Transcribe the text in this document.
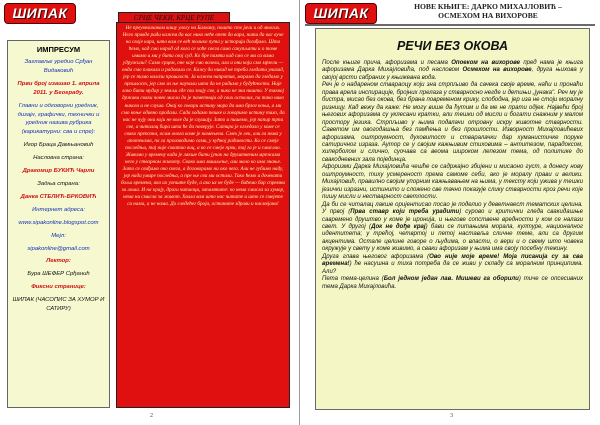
ШИПАК	СРЦЕ ЧЕКИ, КРЦЕ РУПЕ
ИМПРЕСУМ
Заглавље уредио Срђан Видаковић
Први број изашао 1. априла 2011. у Београду.
Главни и одговорни уредник, дизајн, графички, технички и уредник назива рубрика (карикатурни: сва и спре):
Игор Браца Дамњановић
Насловна страна:
Драгомир БУКИЋ Чарли
Задња страна:
Данка СТЕЛИЋ-БРКОВИЋ
Интернет адреса:
www.sipakonline.blogspot.com
Мејл:
sipakonline@gmail.com
Лектор:
Бура ШЕФЕР Срђанић
Фиксни странице:
ШИПАК (ЧАСОПИС ЗА ХУМОР И САТИРУ)
Не преувеличавам вашу улогу на Балкану, пошто сте јачи и од многих. Него правде ради кажем да вас нико неће опет да вара, нити да вас вуче на своје кара, што вам се већ толико пута у историји догађало. Шта ћемо, кад смо народ од кога се хоће свега само сакупљати и о томе имамо и ми у бити свој суд. Ко бре памти кад смо се ми са вама удружили? Само срцем, оне које смо волели, али и они који смо мрзели — онда смо плакали и радовали се. Кажу да никад не треба гледати уназад, јер се тамо налази прошлост. Ја кажем напротив, морамо да гледамо у прошлост, јер смо из ње научили шта да не радимо у будућности. Није лако бити мудар у земљи где сви знају све, а нико не зна ништа. У таквој држави сваки човек мисли да је паметнији од свих осталих, па тако нико никога и не слуша. Онај ко говори истину мора да има брзог коња, а ми смо коње одавно продали. Сада ходамо пешке и говоримо истину тихо, да нас не чују они који не воле да је слушају. Зато и пишемо, јер папир трпи све, а читалац бира шта ће да поверује. Сатира је огледало у коме се свако препозна, осим онога коме је намењена. Смех је лек, али га нема у апотекама, па га производимо сами, у кућној радиности. Ко се смеје последњи, тај није схватио виц, а ко се смеје први, тај га је и смислио. Живимо у времену када је лакше бити јунак на друштвеним мрежама него у стварном животу. Свако има мишљење, али мало ко има знање. Зато се свађамо око свега, а договорамо ни око чега. Али не губимо наду, јер нада умире последња, а пре ње сви ми остали. Тако ћемо и дочекати боља времена, ако их уопште буде, а ако их не буде — бићемо бар спремни за лоша. И на крају, драги читаоци, запамтите: ко нема смисла за хумор, нема ни смисла за живот. Хвала вам што нас читате и што се смејете са нама, а не нама. До следећег броја, останите здрави и насмејани!
2
ШИПАК	НОВЕ КЊИГЕ: ДАРКО МИХАЈЛОВИЋ – ОСМЕХОМ НА ВИХОРОВЕ
РЕЧИ БЕЗ ОКОВА

После књиге прича, афоризама и песама Опоеком на вихорове пред нама је књига афоризама Дарка Михајловића, под насловом Осмехом на вихорове, друга њихова у својој врсти сабраних у књижевна вода.

Реч је о надареном ствараоцу који зна стрпљиво да сачека своје време, наћи и пронаћи права врела инспирације, бројних прелаза у стварносно негде и детињи „јунака". Реч му је бистра, мисао без окова, без брана повременом крику, слободна, јер иза не стоји моралну ризницу. Кад вежу да каже: Не могу више да ћутим и да ме не прати одјек. Највећи број његових афоризама су уклесани кратки, али тешки од мисли и богати снажним у малом простору језика. Стрпљиво у њима подвлачи отровну искру животне стварности. Саветом им овогодашња без памћења и без прошлости. Изворност Михајловићевих афоризама, оштроумност, духовитост и стваралачки дар хуманистичке поруке сатиричног израза. Аутор се у својим кажњивим стиховима – антитезом, парадоксом, хиперболом и слично, суочава са веома широком лепезом тема, од политике до свакодневних зала појединца.

Афоризми Дарка Михајловића чешће се садржајно збијени и мисаоно густ, а донесу нову оштроумност, тиху усмереност према самоме себи, ако је моралу прави и велики. Михајловић, правилно својим упорним кажњавањем на њима, у тексту који ужива у тешки језички изразни, истинито и сложено све тачно показује слику стварности кроз речи које пишу мисли и нестварност светлости.

Да би се читалац лакше оријентисао посао је поделио у деветнаест тематских целина. У првој (Прва ставр који треба урадити) сурово и критички гледа свакидашње савремено друштво у коме је иронија, и његове сопствене вредности у ком се налази свет. У другој (Док не дође крај) бави се питањима морала, културе, националног идентитета; у трећој, четвртој и петој наставља сличне теме, али са другим акцентима. Остале целине говоре о људима, о власти, о вери и о свему што човека окружује у свету у коме живимо, а сваки афоризам у њима има своју посебну тежину.

Друга глава његовог афоризама (Ово није моје време! Моја писанија су за сва времена!) ће насушна и тиха потреба да се живи у складу са моралним принципима. Али?

Пета тема-целина (Бол једном један лав. Мишеви га оборили) тиче се опсесивних тема Дарка Михајловића.

3
